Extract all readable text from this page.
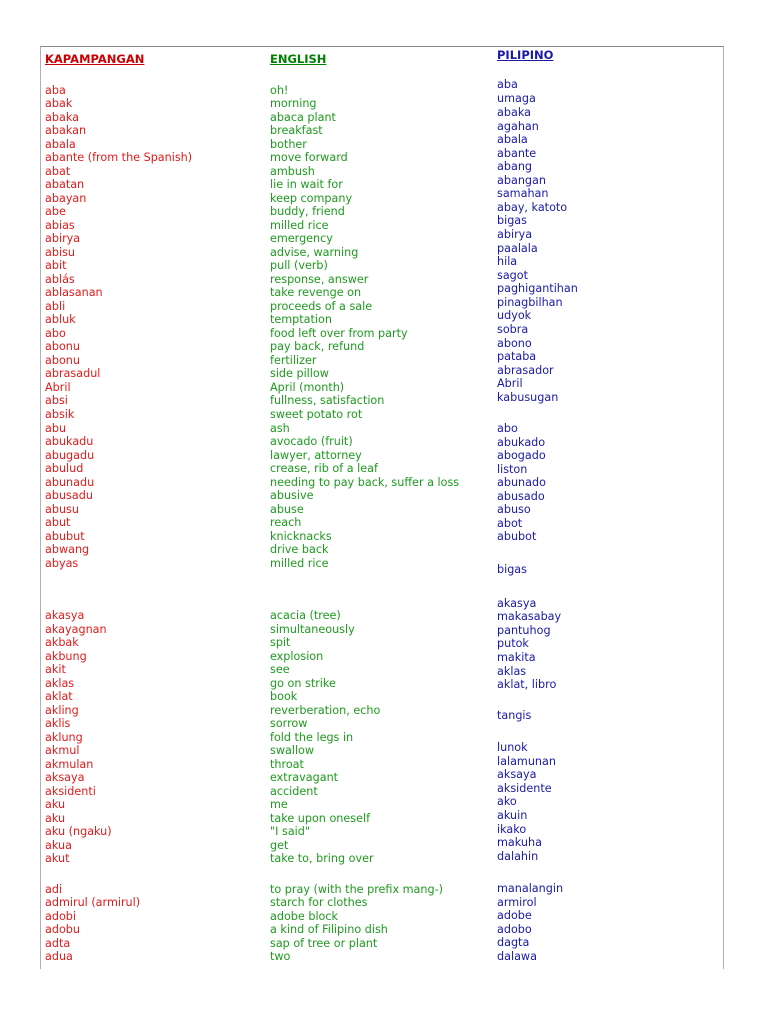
KAPAMPANGAN	ENGLISH	PILIPINO
aba
abak
abaka
abakan
abala
abante (from the Spanish)
abat
abatan
abayan
abe
abias
abirya
abisu
abit
ablás
ablasanan
abli
abluk
abo
abonu
abonu
abrasadul
Abril
absi
absik
abu
abukadu
abugadu
abulud
abunadu
abusadu
abusu
abut
abubut
abwang
abyas
akasya
akayagnan
akbak
akbung
akit
aklas
aklat
akling
aklis
aklung
akmul
akmulan
aksaya
aksidenti
aku
aku
aku (ngaku)
akua
akut
adi
admirul (armirul)
adobi
adobu
adta
adua
oh!
morning
abaca plant
breakfast
bother
move forward
ambush
lie in wait for
keep company
buddy, friend
milled rice
emergency
advise, warning
pull (verb)
response, answer
take revenge on
proceeds of a sale
temptation
food left over from party
pay back, refund
fertilizer
side pillow
April (month)
fullness, satisfaction
sweet potato rot
ash
avocado (fruit)
lawyer, attorney
crease, rib of a leaf
needing to pay back, suffer a loss
abusive
abuse
reach
knicknacks
drive back
milled rice
acacia (tree)
simultaneously
spit
explosion
see
go on strike
book
reverberation, echo
sorrow
fold the legs in
swallow
throat
extravagant
accident
me
take upon oneself
"I said"
get
take to, bring over
to pray (with the prefix mang-)
starch for clothes
adobe block
a kind of Filipino dish
sap of tree or plant
two
aba
umaga
abaka
agahan
abala
abante
abang
abangan
samahan
abay, katoto
bigas
abirya
paalala
hila
sagot
paghigantihan
pinagbilhan
udyok
sobra
abono
pataba
abrasador
Abril
kabusugan
abo
abukado
abogado
liston
abunado
abusado
abuso
abot
abubot
bigas
akasya
makasabay
pantuhog
putok
makita
aklas
aklat, libro
tangis
lunok
lalamunan
aksaya
aksidente
ako
akuin
ikako
makuha
dalahin
manalangin
armirol
adobe
adobo
dagta
dalawa
